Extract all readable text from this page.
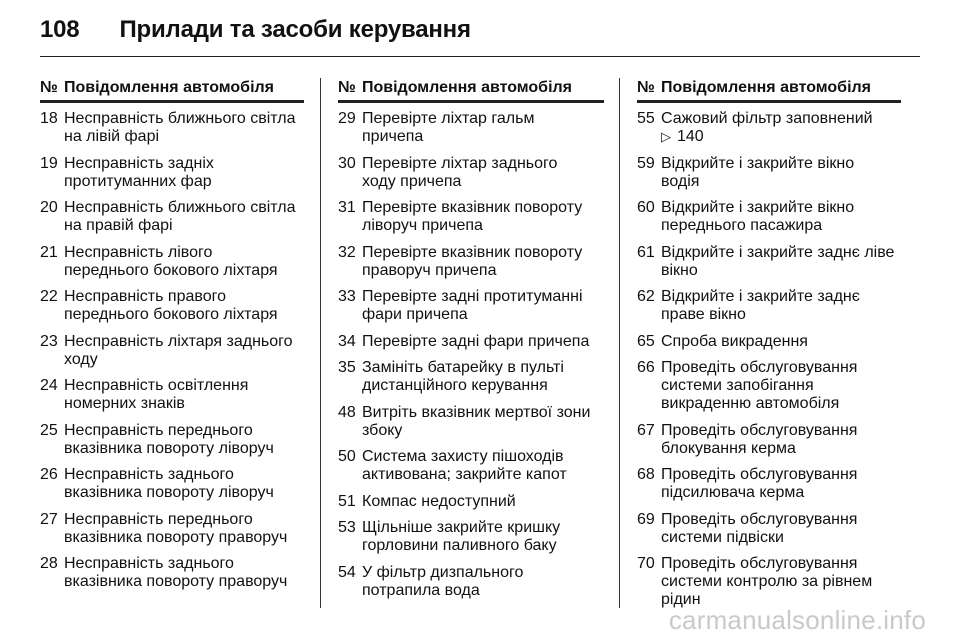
108 Прилади та засоби керування
№ Повідомлення автомобіля
18 Несправність ближнього світла
на лівій фарі
19 Несправність задніх
протитуманних фар
20 Несправність ближнього світла
на правій фарі
21 Несправність лівого
переднього бокового ліхтаря
22 Несправність правого
переднього бокового ліхтаря
23 Несправність ліхтаря заднього
ходу
24 Несправність освітлення
номерних знаків
25 Несправність переднього
вказівника повороту ліворуч
26 Несправність заднього
вказівника повороту ліворуч
27 Несправність переднього
вказівника повороту праворуч
28 Несправність заднього
вказівника повороту праворуч
№ Повідомлення автомобіля
29 Перевірте ліхтар гальм
причепа
30 Перевірте ліхтар заднього
ходу причепа
31 Перевірте вказівник повороту
ліворуч причепа
32 Перевірте вказівник повороту
праворуч причепа
33 Перевірте задні протитуманні
фари причепа
34 Перевірте задні фари причепа
35 Замініть батарейку в пульті
дистанційного керування
48 Витріть вказівник мертвої зони
збоку
50 Система захисту пішоходів
активована; закрийте капот
51 Компас недоступний
53 Щільніше закрийте кришку
горловини паливного баку
54 У фільтр дизпального
потрапила вода
№ Повідомлення автомобіля
55 Сажовий фільтр заповнений
▷ 140
59 Відкрийте і закрийте вікно
водія
60 Відкрийте і закрийте вікно
переднього пасажира
61 Відкрийте і закрийте заднє ліве
вікно
62 Відкрийте і закрийте заднє
праве вікно
65 Спроба викрадення
66 Проведіть обслуговування
системи запобігання
викраденню автомобіля
67 Проведіть обслуговування
блокування керма
68 Проведіть обслуговування
підсилювача керма
69 Проведіть обслуговування
системи підвіски
70 Проведіть обслуговування
системи контролю за рівнем
рідин
carmanualsonline.info
